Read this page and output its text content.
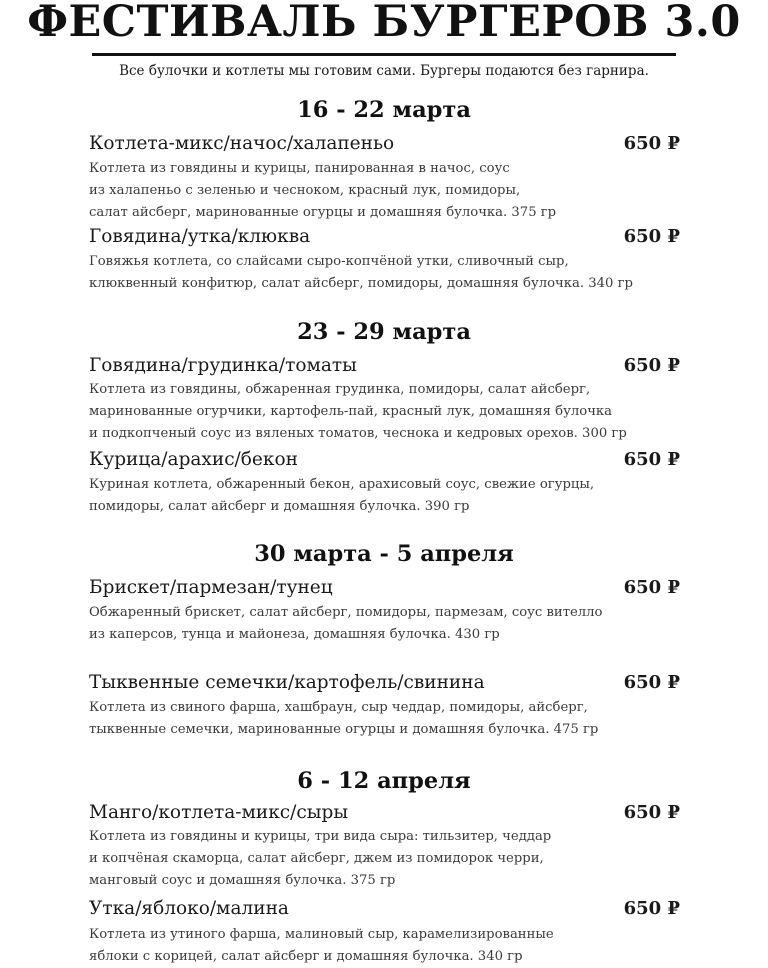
ФЕСТИВАЛЬ БУРГЕРОВ 3.0
Все булочки и котлеты мы готовим сами. Бургеры подаются без гарнира.
16 - 22 марта
Котлета-микс/начос/халапеньо	650 ₽
Котлета из говядины и курицы, панированная в начос, соус
из халапеньо с зеленью и чесноком, красный лук, помидоры,
салат айсберг, маринованные огурцы и домашняя булочка. 375 гр
Говядина/утка/клюква	650 ₽
Говяжья котлета, со слайсами сыро-копчёной утки, сливочный сыр,
клюквенный конфитюр, салат айсберг, помидоры, домашняя булочка. 340 гр
23 - 29 марта
Говядина/грудинка/томаты	650 ₽
Котлета из говядины, обжаренная грудинка, помидоры, салат айсберг,
маринованные огурчики, картофель-пай, красный лук, домашняя булочка
и подкопченый соус из вяленых томатов, чеснока и кедровых орехов. 300 гр
Курица/арахис/бекон	650 ₽
Куриная котлета, обжаренный бекон, арахисовый соус, свежие огурцы,
помидоры, салат айсберг и домашняя булочка. 390 гр
30 марта - 5 апреля
Брискет/пармезан/тунец	650 ₽
Обжаренный брискет, салат айсберг, помидоры, пармезам, соус вителло
из каперсов, тунца и майонеза, домашняя булочка. 430 гр
Тыквенные семечки/картофель/свинина	650 ₽
Котлета из свиного фарша, хашбраун, сыр чеддар, помидоры, айсберг,
тыквенные семечки, маринованные огурцы и домашняя булочка. 475 гр
6 - 12 апреля
Манго/котлета-микс/сыры	650 ₽
Котлета из говядины и курицы, три вида сыра: тильзитер, чеддар
и копчёная скаморца, салат айсберг, джем из помидорок черри,
манговый соус и домашняя булочка. 375 гр
Утка/яблоко/малина	650 ₽
Котлета из утиного фарша, малиновый сыр, карамелизированные
яблоки с корицей, салат айсберг и домашняя булочка. 340 гр
